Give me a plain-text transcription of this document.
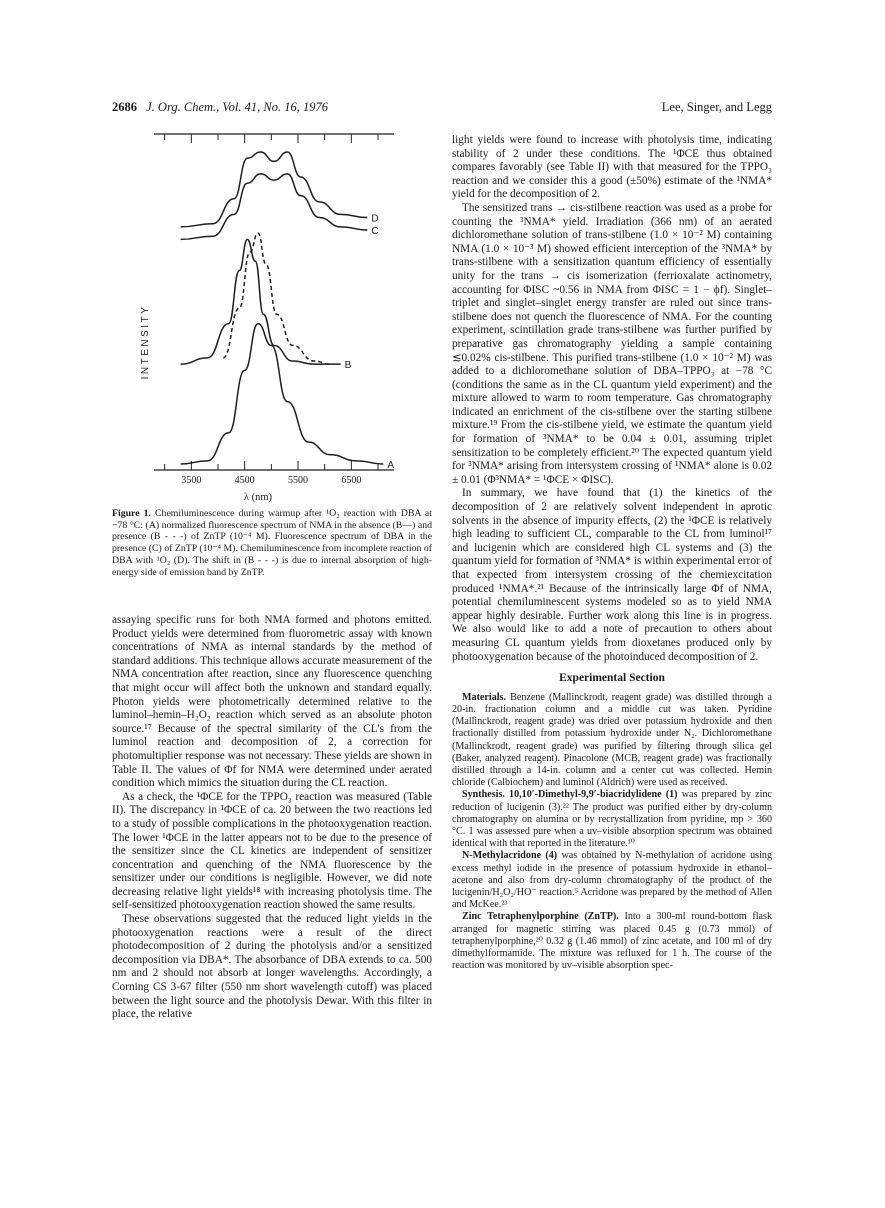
2686 J. Org. Chem., Vol. 41, No. 16, 1976	Lee, Singer, and Legg
A
B
C
D
3500	4500	5500	6500
INTENSITY
λ (nm)
Figure 1. Chemiluminescence during warmup after ¹O₂ reaction with DBA at −78 °C: (A) normalized fluorescence spectrum of NMA in the absence (B—) and presence (B - - -) of ZnTP (10⁻⁴ M). Fluorescence spectrum of DBA in the presence (C) of ZnTP (10⁻⁴ M). Chemiluminescence from incomplete reaction of DBA with ¹O₂ (D). The shift in (B - - -) is due to internal absorption of high-energy side of emission band by ZnTP.

assaying specific runs for both NMA formed and photons emitted. Product yields were determined from fluorometric assay with known concentrations of NMA as internal standards by the method of standard additions. This technique allows accurate measurement of the NMA concentration after reaction, since any fluorescence quenching that might occur will affect both the unknown and standard equally. Photon yields were photometrically determined relative to the luminol–hemin–H₂O₂ reaction which served as an absolute photon source.¹⁷ Because of the spectral similarity of the CL's from the luminol reaction and decomposition of 2, a correction for photomultiplier response was not necessary. These yields are shown in Table II. The values of Φf for NMA were determined under aerated condition which mimics the situation during the CL reaction.

As a check, the ¹ΦCE for the TPPO₃ reaction was measured (Table II). The discrepancy in ¹ΦCE of ca. 20 between the two reactions led to a study of possible complications in the photooxygenation reaction. The lower ¹ΦCE in the latter appears not to be due to the presence of the sensitizer since the CL kinetics are independent of sensitizer concentration and quenching of the NMA fluorescence by the sensitizer under our conditions is negligible. However, we did note decreasing relative light yields¹⁸ with increasing photolysis time. The self-sensitized photooxygenation reaction showed the same results.

These observations suggested that the reduced light yields in the photooxygenation reactions were a result of the direct photodecomposition of 2 during the photolysis and/or a sensitized decomposition via DBA*. The absorbance of DBA extends to ca. 500 nm and 2 should not absorb at longer wavelengths. Accordingly, a Corning CS 3-67 filter (550 nm short wavelength cutoff) was placed between the light source and the photolysis Dewar. With this filter in place, the relative

light yields were found to increase with photolysis time, indicating stability of 2 under these conditions. The ¹ΦCE thus obtained compares favorably (see Table II) with that measured for the TPPO₃ reaction and we consider this a good (±50%) estimate of the ¹NMA* yield for the decomposition of 2.

The sensitized trans → cis-stilbene reaction was used as a probe for counting the ³NMA* yield. Irradiation (366 nm) of an aerated dichloromethane solution of trans-stilbene (1.0 × 10⁻² M) containing NMA (1.0 × 10⁻³ M) showed efficient interception of the ³NMA* by trans-stilbene with a sensitization quantum efficiency of essentially unity for the trans → cis isomerization (ferrioxalate actinometry, accounting for ΦISC ~0.56 in NMA from ΦISC = 1 − ϕf). Singlet–triplet and singlet–singlet energy transfer are ruled out since trans-stilbene does not quench the fluorescence of NMA. For the counting experiment, scintillation grade trans-stilbene was further purified by preparative gas chromatography yielding a sample containing ≲0.02% cis-stilbene. This purified trans-stilbene (1.0 × 10⁻² M) was added to a dichloromethane solution of DBA–TPPO₃ at −78 °C (conditions the same as in the CL quantum yield experiment) and the mixture allowed to warm to room temperature. Gas chromatography indicated an enrichment of the cis-stilbene over the starting stilbene mixture.¹⁹ From the cis-stilbene yield, we estimate the quantum yield for formation of ³NMA* to be 0.04 ± 0.01, assuming triplet sensitization to be completely efficient.²⁰ The expected quantum yield for ³NMA* arising from intersystem crossing of ¹NMA* alone is 0.02 ± 0.01 (Φ³NMA* = ¹ΦCE × ΦISC).

In summary, we have found that (1) the kinetics of the decomposition of 2 are relatively solvent independent in aprotic solvents in the absence of impurity effects, (2) the ¹ΦCE is relatively high leading to sufficient CL, comparable to the CL from luminol¹⁷ and lucigenin which are considered high CL systems and (3) the quantum yield for formation of ³NMA* is within experimental error of that expected from intersystem crossing of the chemiexcitation produced ¹NMA*.²¹ Because of the intrinsically large Φf of NMA, potential chemiluminescent systems modeled so as to yield NMA appear highly desirable. Further work along this line is in progress. We also would like to add a note of precaution to others about measuring CL quantum yields from dioxetanes produced only by photooxygenation because of the photoinduced decomposition of 2.

Experimental Section

Materials. Benzene (Mallinckrodt, reagent grade) was distilled through a 20-in. fractionation column and a middle cut was taken. Pyridine (Mallinckrodt, reagent grade) was dried over potassium hydroxide and then fractionally distilled from potassium hydroxide under N₂. Dichloromethane (Mallinckrodt, reagent grade) was purified by filtering through silica gel (Baker, analyzed reagent). Pinacolone (MCB, reagent grade) was fractionally distilled through a 14-in. column and a center cut was collected. Hemin chloride (Calbiochem) and luminol (Aldrich) were used as received.

Synthesis. 10,10′-Dimethyl-9,9′-biacridylidene (1) was prepared by zinc reduction of lucigenin (3).²² The product was purified either by dry-column chromatography on alumina or by recrystallization from pyridine, mp > 360 °C. 1 was assessed pure when a uv–visible absorption spectrum was obtained identical with that reported in the literature.¹⁰

N-Methylacridone (4) was obtained by N-methylation of acridone using excess methyl iodide in the presence of potassium hydroxide in ethanol–acetone and also from dry-column chromatography of the product of the lucigenin/H₂O₂/HO⁻ reaction.⁵ Acridone was prepared by the method of Allen and McKee.²³

Zinc Tetraphenylporphine (ZnTP). Into a 300-ml round-bottom flask arranged for magnetic stirring was placed 0.45 g (0.73 mmol) of tetraphenylporphine,²⁰ 0.32 g (1.46 mmol) of zinc acetate, and 100 ml of dry dimethylformamide. The mixture was refluxed for 1 h. The course of the reaction was monitored by uv–visible absorption spec-
